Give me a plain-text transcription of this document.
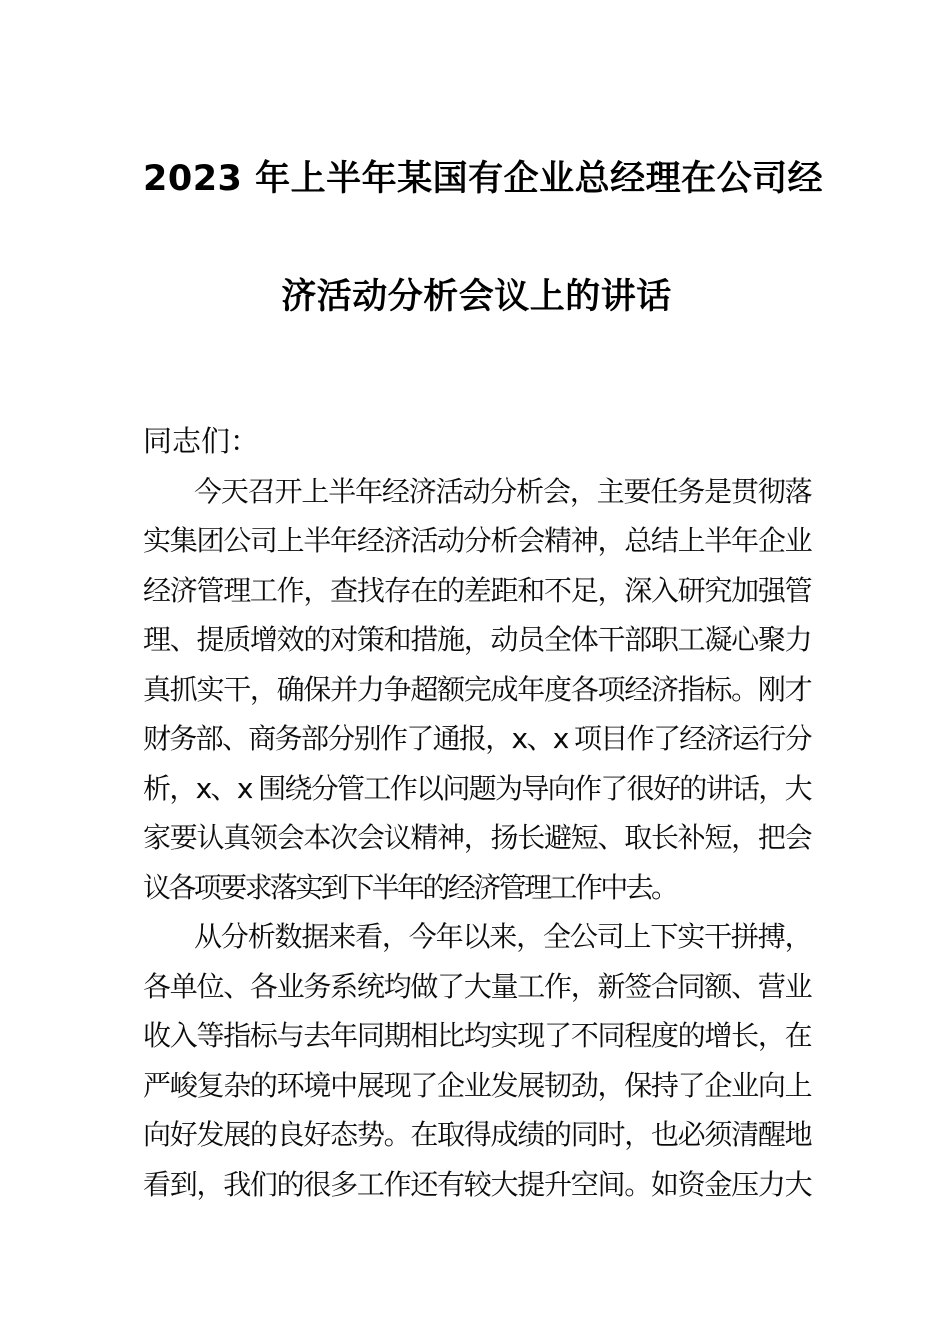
2023 年上半年某国有企业总经理在公司经
济活动分析会议上的讲话

同志们：

今天召开上半年经济活动分析会，主要任务是贯彻落
实集团公司上半年经济活动分析会精神，总结上半年企业
经济管理工作，查找存在的差距和不足，深入研究加强管
理、提质增效的对策和措施，动员全体干部职工凝心聚力
真抓实干，确保并力争超额完成年度各项经济指标。刚才
财务部、商务部分别作了通报，x、x 项目作了经济运行分
析，x、x 围绕分管工作以问题为导向作了很好的讲话，大
家要认真领会本次会议精神，扬长避短、取长补短，把会
议各项要求落实到下半年的经济管理工作中去。
从分析数据来看，今年以来，全公司上下实干拼搏，
各单位、各业务系统均做了大量工作，新签合同额、营业
收入等指标与去年同期相比均实现了不同程度的增长，在
严峻复杂的环境中展现了企业发展韧劲，保持了企业向上
向好发展的良好态势。在取得成绩的同时，也必须清醒地
看到，我们的很多工作还有较大提升空间。如资金压力大
